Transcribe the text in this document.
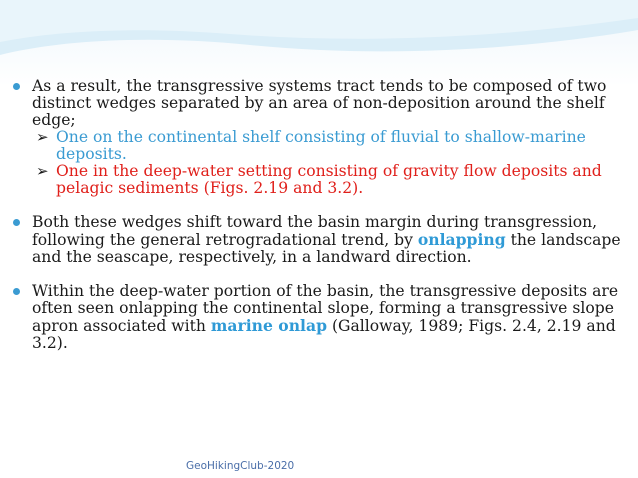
As a result, the transgressive systems tract tends to be composed of two distinct wedges separated by an area of non-deposition around the shelf edge;
➢ One on the continental shelf consisting of fluvial to shallow-marine deposits.
➢ One in the deep-water setting consisting of gravity flow deposits and pelagic sediments (Figs. 2.19 and 3.2).
Both these wedges shift toward the basin margin during transgression, following the general retrogradational trend, by onlapping the landscape and the seascape, respectively, in a landward direction.
Within the deep-water portion of the basin, the transgressive deposits are often seen onlapping the continental slope, forming a transgressive slope apron associated with marine onlap (Galloway, 1989; Figs. 2.4, 2.19 and 3.2).
GeoHikingClub-2020
